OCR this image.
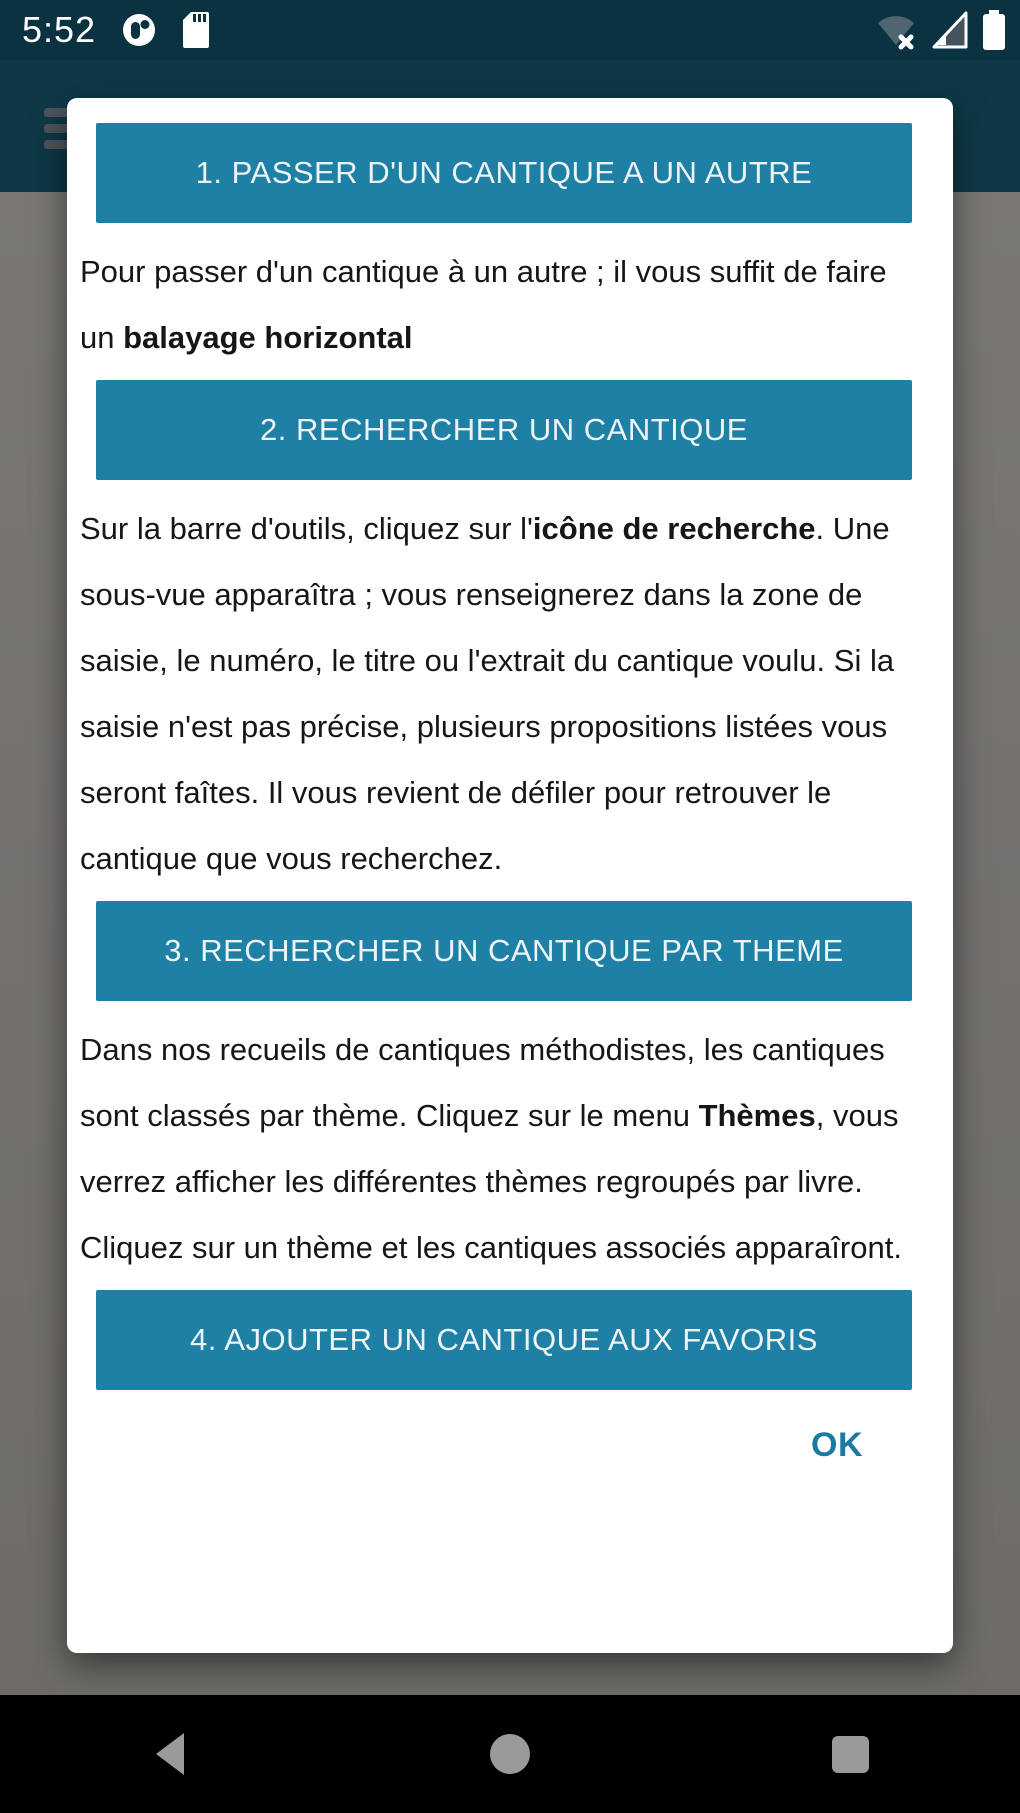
5:52
1. PASSER D'UN CANTIQUE A UN AUTRE

Pour passer d'un cantique à un autre ; il vous suffit de faire un balayage horizontal

2. RECHERCHER UN CANTIQUE

Sur la barre d'outils, cliquez sur l'icône de recherche. Une sous-vue apparaîtra ; vous renseignerez dans la zone de saisie, le numéro, le titre ou l'extrait du cantique voulu. Si la saisie n'est pas précise, plusieurs propositions listées vous seront faîtes. Il vous revient de défiler pour retrouver le cantique que vous recherchez.

3. RECHERCHER UN CANTIQUE PAR THEME

Dans nos recueils de cantiques méthodistes, les cantiques sont classés par thème. Cliquez sur le menu Thèmes, vous verrez afficher les différentes thèmes regroupés par livre. Cliquez sur un thème et les cantiques associés apparaîront.

4. AJOUTER UN CANTIQUE AUX FAVORIS
OK
